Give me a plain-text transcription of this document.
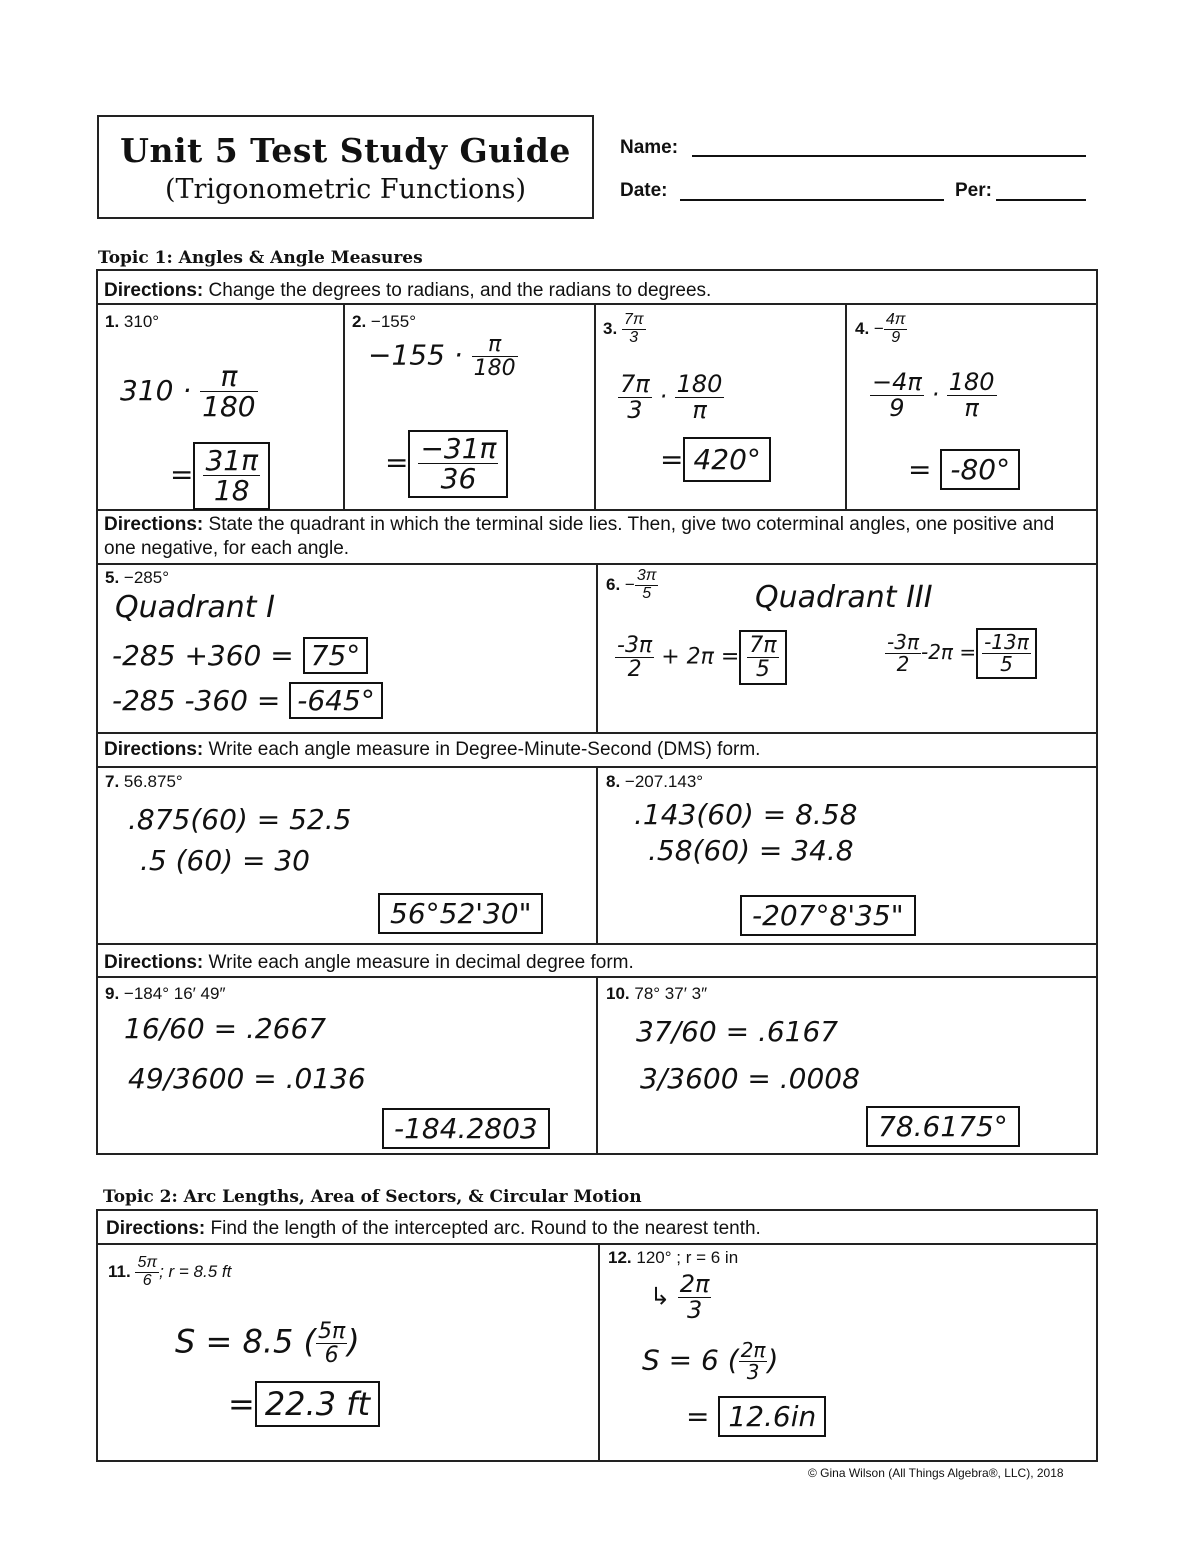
Unit 5 Test Study Guide
(Trigonometric Functions)
Name:
Date:	Per:
Topic 1: Angles & Angle Measures
Directions: Change the degrees to radians, and the radians to degrees.
Directions: State the quadrant in which the terminal side lies. Then, give two coterminal angles, one positive and one negative, for each angle.
Directions: Write each angle measure in Degree-Minute-Second (DMS) form.
Directions: Write each angle measure in decimal degree form.
1. 310°
$310 \cdot \frac{\pi}{180}$
= $\frac{31\pi}{18}$
2. −155°
$-155 \cdot \frac{\pi}{180}$
= $\frac{-31\pi}{36}$
3. $\frac{7\pi}{3}$
$\frac{7\pi}{3} \cdot \frac{180}{\pi}$
= 420°
4. − $\frac{4\pi}{9}$
$\frac{-4\pi}{9} \cdot \frac{180}{\pi}$
= -80°
5. −285°
Quadrant I
-285 +360 = 75°
-285 -360 = -645°
6. − $\frac{3\pi}{5}$	Quadrant III
$\frac{-3\pi}{2} + 2\pi = \frac{7\pi}{5}$	$\frac{-3\pi}{2} -2\pi = \frac{-13\pi}{5}$
7. 56.875°
.875(60) = 52.5
.5 (60) = 30
56°52'30"
8. −207.143°
.143(60) = 8.58
.58(60) = 34.8
-207°8'35"
9. −184° 16′ 49″
16/60 = .2667
49/3600 = .0136
-184.2803
10. 78° 37′ 3″
37/60 = .6167
3/3600 = .0008
78.6175°
Topic 2: Arc Lengths, Area of Sectors, & Circular Motion
Directions: Find the length of the intercepted arc. Round to the nearest tenth.
11. $\frac{5\pi}{6}$ ; r = 8.5 ft
S = 8.5 ( $\frac{5\pi}{6}$ )
= 22.3 ft
12. 120° ; r = 6 in
↳ $\frac{2\pi}{3}$
S = 6 ( $\frac{2\pi}{3}$ )
= 12.6in
© Gina Wilson (All Things Algebra®, LLC), 2018
